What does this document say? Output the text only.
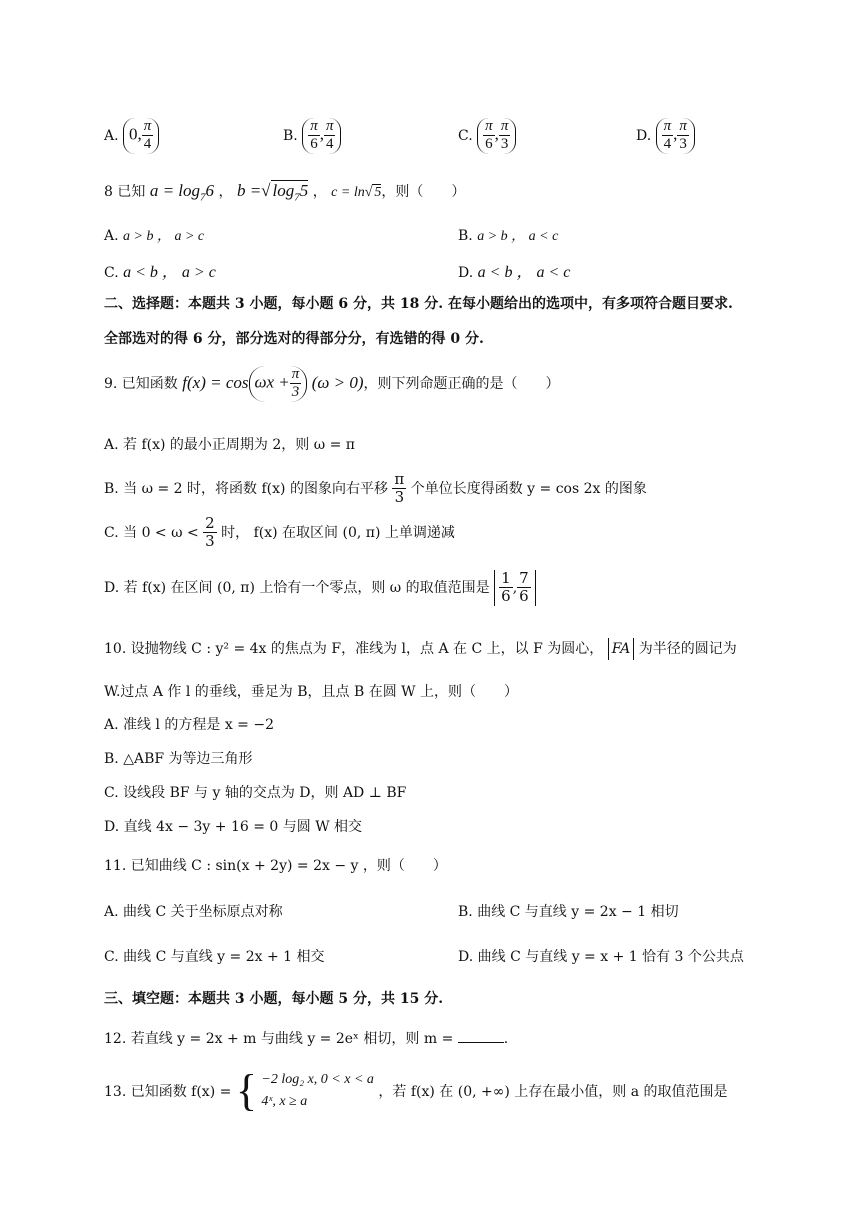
A. 0, $\frac{\pi}{4}$	B. $\frac{\pi}{6}$ , $\frac{\pi}{4}$	C. $\frac{\pi}{6}$ , $\frac{\pi}{3}$	D. $\frac{\pi}{4}$ , $\frac{\pi}{3}$
8 已知 $a = \log_76$ ， b =√ $\log_75$ ， c = ln√ 5，则（　　）
A. a > b ， a > c	B. a > b ， a < c
C. a < b ， a > c	D. a < b ， a < c
二、选择题：本题共 3 小题，每小题 6 分，共 18 分. 在每小题给出的选项中，有多项符合题目要求.
全部选对的得 6 分，部分选对的得部分分，有选错的得 0 分.
9. 已知函数 $f(x) = \cos \omega x + \frac{\pi}{3} (\omega > 0)$，则下列命题正确的是（　　）
A. 若 f(x) 的最小正周期为 2，则 ω = π
B. 当 ω = 2 时，将函数 f(x) 的图象向右平移 $\frac{\pi}{3}$ 个单位长度得函数 y = cos 2x 的图象
C. 当 $0 < \omega < \frac{2}{3}$ 时， f(x) 在取区间 (0, π) 上单调递减
D. 若 f(x) 在区间 (0, π) 上恰有一个零点，则 ω 的取值范围是 $\frac{1}{6}$ , $\frac{7}{6}$
10. 设抛物线 C : y² = 4x 的焦点为 F，准线为 l，点 A 在 C 上，以 F 为圆心， FA 为半径的圆记为
W.过点 A 作 l 的垂线，垂足为 B，且点 B 在圆 W 上，则（　　）
A. 准线 l 的方程是 x = −2
B. △ABF 为等边三角形
C. 设线段 BF 与 y 轴的交点为 D，则 AD ⊥ BF
D. 直线 4x − 3y + 16 = 0 与圆 W 相交
11. 已知曲线 C : sin(x + 2y) = 2x − y ，则（　　）
A. 曲线 C 关于坐标原点对称	B. 曲线 C 与直线 y = 2x − 1 相切
C. 曲线 C 与直线 y = 2x + 1 相交	D. 曲线 C 与直线 y = x + 1 恰有 3 个公共点
三、填空题：本题共 3 小题，每小题 5 分，共 15 分.
12. 若直线 y = 2x + m 与曲线 y = 2eˣ 相切，则 m =	.
13. 已知函数 f(x) = { −2 log₂ x, 0 < x < a
4ˣ, x ≥ a
，若 f(x) 在 (0, +∞) 上存在最小值，则 a 的取值范围是
